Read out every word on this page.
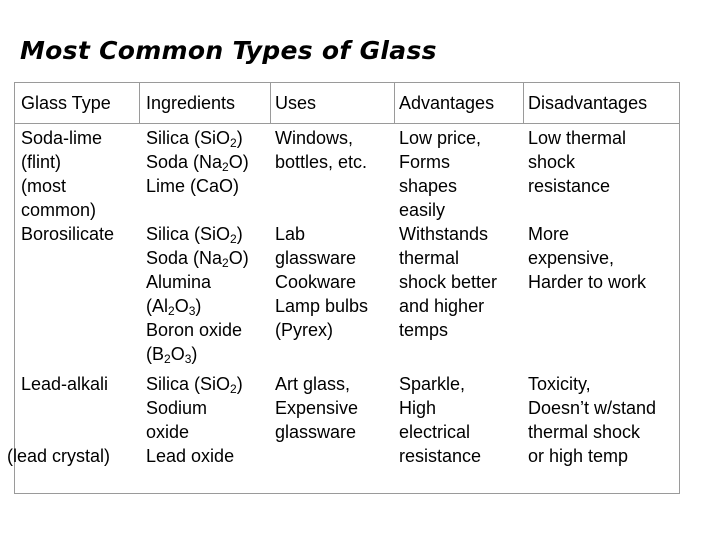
Most Common Types of Glass
Glass Type Ingredients Uses	Advantages Disadvantages
Soda-lime
(flint)
(most
common)
Silica (SiO$_2$)
Soda $(Na_2O)$
Lime (CaO)
Windows,
bottles, etc.
Low price,
Forms
shapes
easily
Low thermal
shock
resistance
Borosilicate Silica (SiO$_2$)
Soda $(Na_2O)$
Alumina
$(Al_2O_3)$
Boron oxide
$(B_2O_3)$
Lab
glassware
Cookware
Lamp bulbs
(Pyrex)
Withstands
thermal
shock better
and higher
temps
More
expensive,
Harder to work
Lead-alkali
(lead crystal)
Silica (SiO$_2$)
Sodium
oxide
Lead oxide
Art glass,
Expensive
glassware
Sparkle,
High
electrical
resistance
Toxicity,
Doesn’t w/stand
thermal shock
or high temp
